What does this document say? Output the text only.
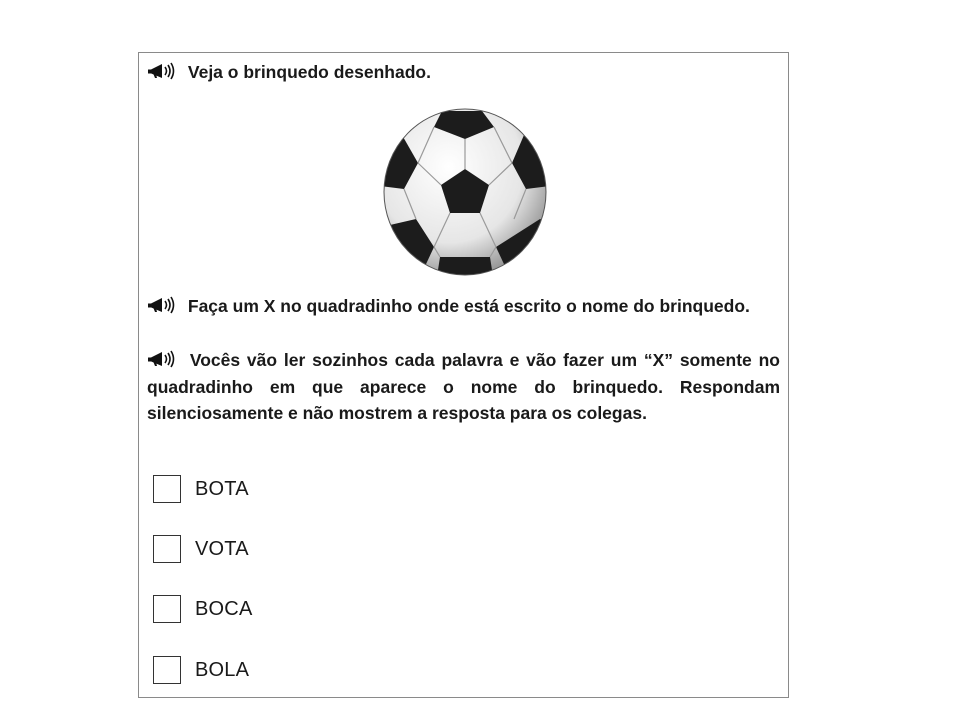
Veja o brinquedo desenhado.
Faça um X no quadradinho onde está escrito o nome do brinquedo.
Vocês vão ler sozinhos cada palavra e vão fazer um “X” somente no quadradinho em que aparece o nome do brinquedo. Respondam silenciosamente e não mostrem a resposta para os colegas.
BOTA
VOTA
BOCA
BOLA
